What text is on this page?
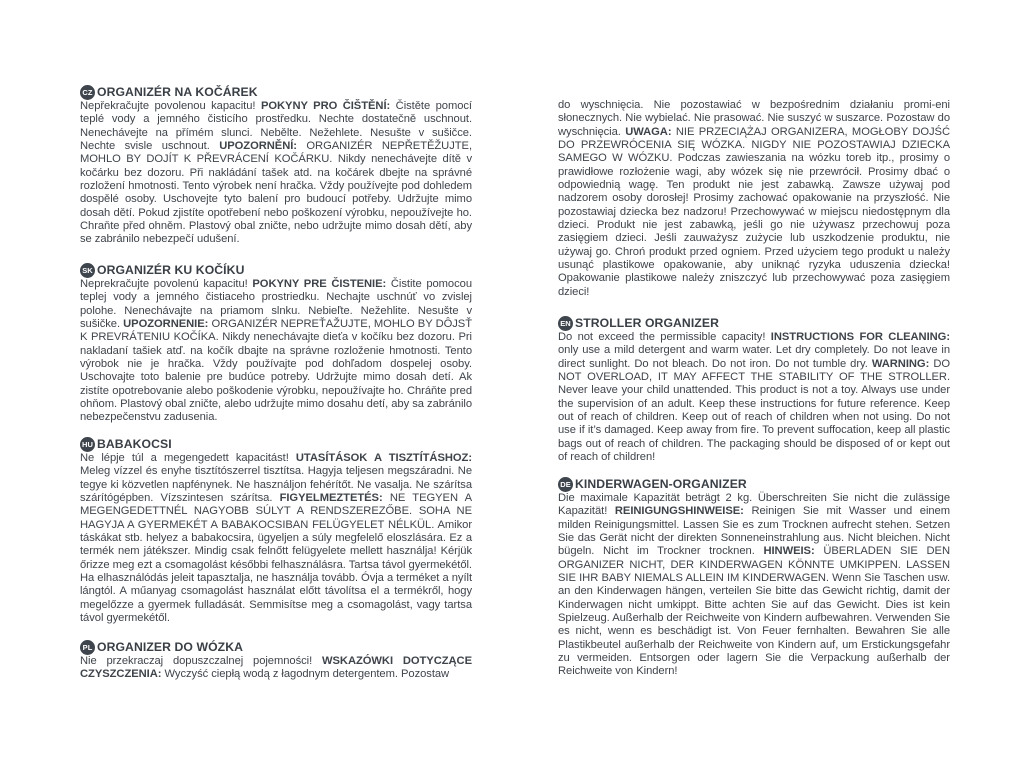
CZ ORGANIZÉR NA KOČÁREK

Nepřekračujte povolenou kapacitu! POKYNY PRO ČIŠTĚNÍ: Čistěte pomocí teplé vody a jemného čisticího prostředku. Nechte dostatečně uschnout. Nenechávejte na přímém slunci. Nebělte. Nežehlete. Nesušte v sušičce. Nechte svisle uschnout. UPOZORNĚNÍ: ORGANIZÉR NEPŘETĚŽUJTE, MOHLO BY DOJÍT K PŘEVRÁCENÍ KOČÁRKU. Nikdy nenechávejte dítě v kočárku bez dozoru. Při nakládání tašek atd. na kočárek dbejte na správné rozložení hmotnosti. Tento výrobek není hračka. Vždy používejte pod dohledem dospělé osoby. Uschovejte tyto balení pro budoucí potřeby. Udržujte mimo dosah dětí. Pokud zjistíte opotřebení nebo poškození výrobku, nepoužívejte ho. Chraňte před ohněm. Plastový obal zničte, nebo udržujte mimo dosah dětí, aby se zabránilo nebezpečí udušení.

SK ORGANIZÉR KU KOČÍKU

Neprekračujte povolenú kapacitu! POKYNY PRE ČISTENIE: Čistite pomocou teplej vody a jemného čistiaceho prostriedku. Nechajte uschnúť vo zvislej polohe. Nenechávajte na priamom slnku. Nebieľte. Nežehlite. Nesušte v sušičke. UPOZORNENIE: ORGANIZÉR NEPREŤAŽUJTE, MOHLO BY DÔJSŤ K PREVRÁTENIU KOČÍKA. Nikdy nenechávajte dieťa v kočíku bez dozoru. Pri nakladaní tašiek atď. na kočík dbajte na správne rozloženie hmotnosti. Tento výrobok nie je hračka. Vždy používajte pod dohľadom dospelej osoby. Uschovajte toto balenie pre budúce potreby. Udržujte mimo dosah detí. Ak zistíte opotrebovanie alebo poškodenie výrobku, nepoužívajte ho. Chráňte pred ohňom. Plastový obal zničte, alebo udržujte mimo dosahu detí, aby sa zabránilo nebezpečenstvu zadusenia.

HU BABAKOCSI

Ne lépje túl a megengedett kapacitást! UTASÍTÁSOK A TISZTÍTÁSHOZ: Meleg vízzel és enyhe tisztítószerrel tisztítsa. Hagyja teljesen megszáradni. Ne tegye ki közvetlen napfénynek. Ne használjon fehérítőt. Ne vasalja. Ne szárítsa szárítógépben. Vízszintesen szárítsa. FIGYELMEZTETÉS: NE TEGYEN A MEGENGEDETTNÉL NAGYOBB SÚLYT A RENDSZEREZŐBE. SOHA NE HAGYJA A GYERMEKÉT A BABAKOCSIBAN FELÜGYELET NÉLKÜL. Amikor táskákat stb. helyez a babakocsira, ügyeljen a súly megfelelő eloszlására. Ez a termék nem játékszer. Mindig csak felnőtt felügyelete mellett használja! Kérjük őrizze meg ezt a csomagolást későbbi felhasználásra. Tartsa távol gyermekétől. Ha elhasználódás jeleit tapasztalja, ne használja tovább. Óvja a terméket a nyílt lángtól. A műanyag csomagolást használat előtt távolítsa el a termékről, hogy megelőzze a gyermek fulladását. Semmisítse meg a csomagolást, vagy tartsa távol gyermekétől.

PL ORGANIZER DO WÓZKA

Nie przekraczaj dopuszczalnej pojemności! WSKAZÓWKI DOTYCZĄCE CZYSZCZENIA: Wyczyść ciepłą wodą z łagodnym detergentem. Pozostaw

do wyschnięcia. Nie pozostawiać w bezpośrednim działaniu promi-eni słonecznych. Nie wybielać. Nie prasować. Nie suszyć w suszarce. Pozostaw do wyschnięcia. UWAGA: NIE PRZECIĄŻAJ ORGANIZERA, MOGŁOBY DOJŚĆ DO PRZEWRÓCENIA SIĘ WÓZKA. NIGDY NIE POZOSTAWIAJ DZIECKA SAMEGO W WÓZKU. Podczas zawieszania na wózku toreb itp., prosimy o prawidłowe rozłożenie wagi, aby wózek się nie przewrócił. Prosimy dbać o odpowiednią wagę. Ten produkt nie jest zabawką. Zawsze używaj pod nadzorem osoby dorosłej! Prosimy zachować opakowanie na przyszłość. Nie pozostawiaj dziecka bez nadzoru! Przechowywać w miejscu niedostępnym dla dzieci. Produkt nie jest zabawką, jeśli go nie używasz przechowuj poza zasięgiem dzieci. Jeśli zauważysz zużycie lub uszkodzenie produktu, nie używaj go. Chroń produkt przed ogniem. Przed użyciem tego produkt u należy usunąć plastikowe opakowanie, aby uniknąć ryzyka uduszenia dziecka! Opakowanie plastikowe należy zniszczyć lub przechowywać poza zasięgiem dzieci!

EN STROLLER ORGANIZER

Do not exceed the permissible capacity! INSTRUCTIONS FOR CLEANING: only use a mild detergent and warm water. Let dry completely. Do not leave in direct sunlight. Do not bleach. Do not iron. Do not tumble dry. WARNING: DO NOT OVERLOAD, IT MAY AFFECT THE STABILITY OF THE STROLLER. Never leave your child unattended. This product is not a toy. Always use under the supervision of an adult. Keep these instructions for future reference. Keep out of reach of children. Keep out of reach of children when not using. Do not use if it’s damaged. Keep away from fire. To prevent suffocation, keep all plastic bags out of reach of children. The packaging should be disposed of or kept out of reach of children!

DE KINDERWAGEN-ORGANIZER

Die maximale Kapazität beträgt 2 kg. Überschreiten Sie nicht die zulässige Kapazität! REINIGUNGSHINWEISE: Reinigen Sie mit Wasser und einem milden Reinigungsmittel. Lassen Sie es zum Trocknen aufrecht stehen. Setzen Sie das Gerät nicht der direkten Sonneneinstrahlung aus. Nicht bleichen. Nicht bügeln. Nicht im Trockner trocknen. HINWEIS: ÜBERLADEN SIE DEN ORGANIZER NICHT, DER KINDERWAGEN KÖNNTE UMKIPPEN. LASSEN SIE IHR BABY NIEMALS ALLEIN IM KINDERWAGEN. Wenn Sie Taschen usw. an den Kinderwagen hängen, verteilen Sie bitte das Gewicht richtig, damit der Kinderwagen nicht umkippt. Bitte achten Sie auf das Gewicht. Dies ist kein Spielzeug. Außerhalb der Reichweite von Kindern aufbewahren. Verwenden Sie es nicht, wenn es beschädigt ist. Von Feuer fernhalten. Bewahren Sie alle Plastikbeutel außerhalb der Reichweite von Kindern auf, um Erstickungsgefahr zu vermeiden. Entsorgen oder lagern Sie die Verpackung außerhalb der Reichweite von Kindern!
